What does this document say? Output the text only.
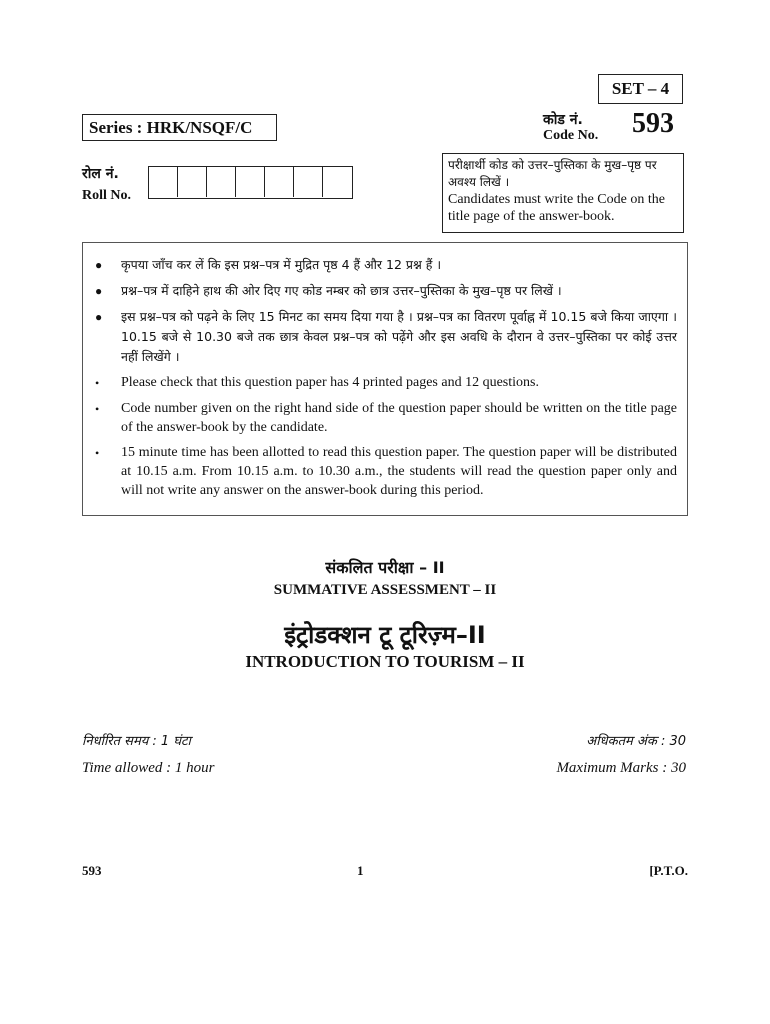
SET – 4
Series : HRK/NSQF/C	कोड नं.
Code No. 593
रोल नं.
Roll No.
परीक्षार्थी कोड को उत्तर–पुस्तिका के मुख–पृष्ठ पर अवश्य लिखें ।
Candidates must write the Code on the title page of the answer-book.
●	कृपया जाँच कर लें कि इस प्रश्न–पत्र में मुद्रित पृष्ठ 4 हैं और 12 प्रश्न हैं ।
●	प्रश्न–पत्र में दाहिने हाथ की ओर दिए गए कोड नम्बर को छात्र उत्तर–पुस्तिका के मुख–पृष्ठ पर लिखें ।
●	इस प्रश्न–पत्र को पढ़ने के लिए 15 मिनट का समय दिया गया है । प्रश्न–पत्र का वितरण पूर्वाह्न में 10.15 बजे किया जाएगा । 10.15 बजे से 10.30 बजे तक छात्र केवल प्रश्न–पत्र को पढ़ेंगे और इस अवधि के दौरान वे उत्तर–पुस्तिका पर कोई उत्तर नहीं लिखेंगे ।
•	Please check that this question paper has 4 printed pages and 12 questions.
•	Code number given on the right hand side of the question paper should be written on the title page of the answer-book by the candidate.
•	15 minute time has been allotted to read this question paper. The question paper will be distributed at 10.15 a.m. From 10.15 a.m. to 10.30 a.m., the students will read the question paper only and will not write any answer on the answer-book during this period.
संकलित परीक्षा – II
SUMMATIVE ASSESSMENT – II
इंट्रोडक्शन टू टूरिज़्म–II
INTRODUCTION TO TOURISM – II
निर्धारित समय : 1 घंटा	अधिकतम अंक : 30
Time allowed : 1 hour	Maximum Marks : 30
593	1	[P.T.O.
